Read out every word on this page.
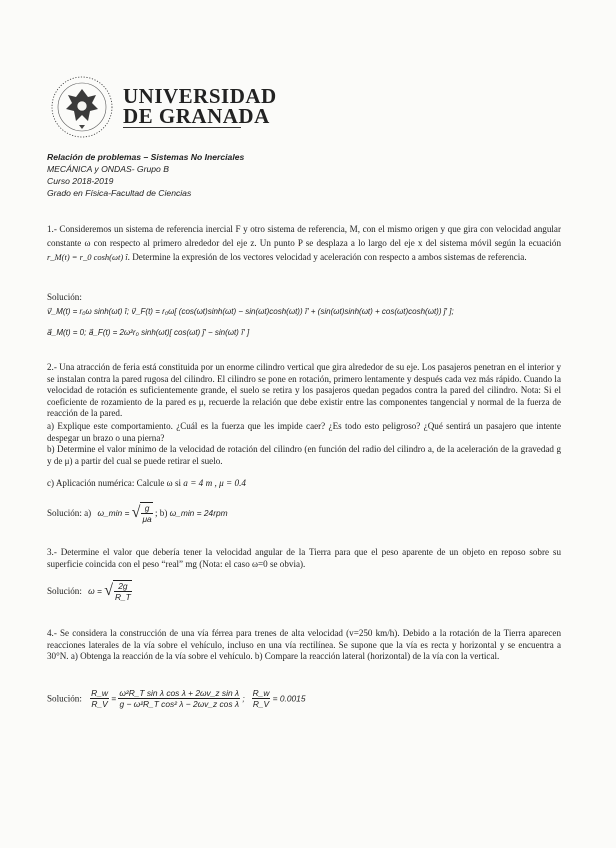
UNIVERSIDAD
DE GRANADA
Relación de problemas – Sistemas No Inerciales
MECÁNICA y ONDAS- Grupo B
Curso 2018-2019
Grado en Física-Facultad de Ciencias
1.- Consideremos un sistema de referencia inercial F y otro sistema de referencia, M, con el mismo origen y que gira con velocidad angular constante ω con respecto al primero alrededor del eje z. Un punto P se desplaza a lo largo del eje x del sistema móvil según la ecuación r_M(t) = r_0 cosh(ωt) î. Determine la expresión de los vectores velocidad y aceleración con respecto a ambos sistemas de referencia.
Solución:
v⃗_M(t) = r₀ω sinh(ωt) î; v⃗_F(t) = r₀ω[ (cos(ωt)sinh(ωt) − sin(ωt)cosh(ωt)) î′ + (sin(ωt)sinh(ωt) + cos(ωt)cosh(ωt)) ĵ′ ];
a⃗_M(t) = 0; a⃗_F(t) = 2ω²r₀ sinh(ωt)[ cos(ωt) ĵ′ − sin(ωt) î′ ]
2.- Una atracción de feria está constituida por un enorme cilindro vertical que gira alrededor de su eje. Los pasajeros penetran en el interior y se instalan contra la pared rugosa del cilindro. El cilindro se pone en rotación, primero lentamente y después cada vez más rápido. Cuando la velocidad de rotación es suficientemente grande, el suelo se retira y los pasajeros quedan pegados contra la pared del cilindro. Nota: Si el coeficiente de rozamiento de la pared es μ, recuerde la relación que debe existir entre las componentes tangencial y normal de la fuerza de reacción de la pared.
a) Explique este comportamiento. ¿Cuál es la fuerza que les impide caer? ¿Es todo esto peligroso? ¿Qué sentirá un pasajero que intente despegar un brazo o una pierna?
b) Determine el valor mínimo de la velocidad de rotación del cilindro (en función del radio del cilindro a, de la aceleración de la gravedad g y de μ) a partir del cual se puede retirar el suelo.
c) Aplicación numérica: Calcule ω si a = 4 m , μ = 0.4
Solución: a) ω_min = √ $\frac{g}{\mu a}$ ; b) ω_min = 24rpm
3.- Determine el valor que debería tener la velocidad angular de la Tierra para que el peso aparente de un objeto en reposo sobre su superficie coincida con el peso “real” mg (Nota: el caso ω=0 se obvia).
Solución: ω = √ $\frac{2g}{R\_T}$
4.- Se considera la construcción de una vía férrea para trenes de alta velocidad (v=250 km/h). Debido a la rotación de la Tierra aparecen reacciones laterales de la vía sobre el vehículo, incluso en una vía rectilínea. Se supone que la vía es recta y horizontal y se encuentra a 30°N. a) Obtenga la reacción de la vía sobre el vehículo. b) Compare la reacción lateral (horizontal) de la vía con la vertical.
Solución: $\frac{R\_w}{R\_V} = \frac{\text{ω²R\_T sin λ cos λ + 2ωv\_z sin λ}}{\text{g − ω²R\_T cos² λ − 2ωv\_z cos λ}}$ ; $\frac{R\_w}{R\_V} = 0.0015$
